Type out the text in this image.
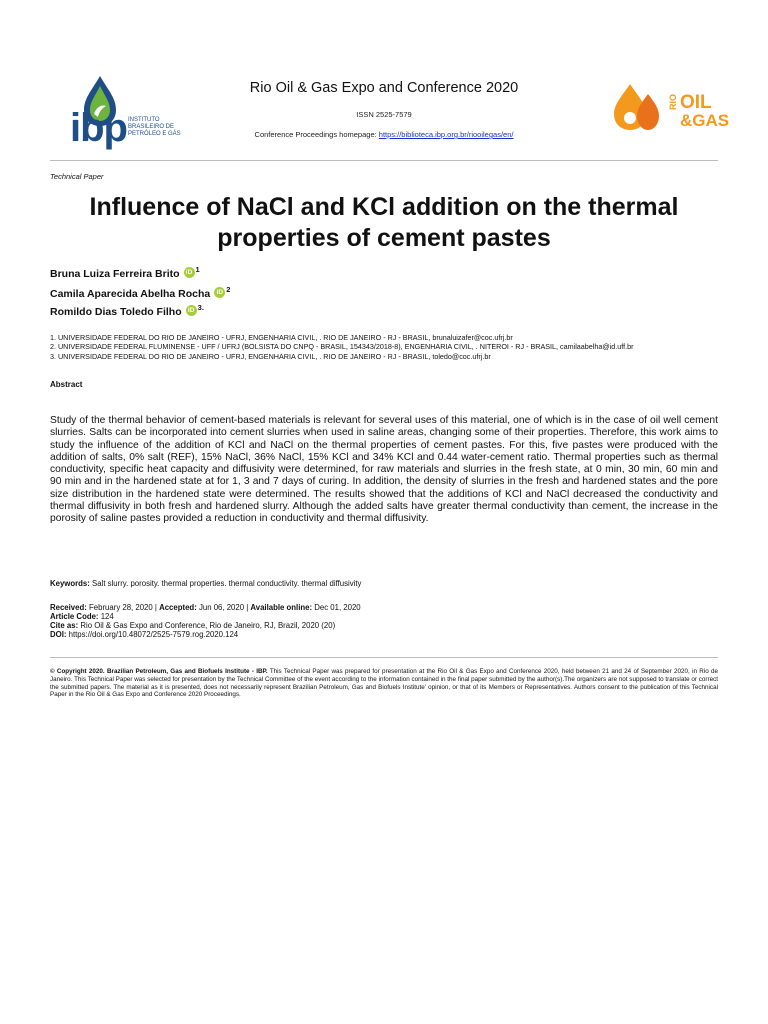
ibp INSTITUTO
BRASILEIRO DE
PETRÓLEO E GÁS
Rio Oil & Gas Expo and Conference 2020
ISSN 2525-7579
Conference Proceedings homepage: https://biblioteca.ibp.org.br/riooilegas/en/
RIO OIL
&GAS
Technical Paper
Influence of NaCl and KCl addition on the thermal properties of cement pastes
Bruna Luiza Ferreira Brito iD 1
Camila Aparecida Abelha Rocha iD 2
Romildo Dias Toledo Filho iD 3 .
1. UNIVERSIDADE FEDERAL DO RIO DE JANEIRO - UFRJ, ENGENHARIA CIVIL, . RIO DE JANEIRO - RJ - BRASIL, brunaluizafer@coc.ufrj.br
2. UNIVERSIDADE FEDERAL FLUMINENSE - UFF / UFRJ (BOLSISTA DO CNPQ - BRASIL, 154343/2018-8), ENGENHARIA CIVIL, . NITEROI - RJ - BRASIL, camilaabelha@id.uff.br
3. UNIVERSIDADE FEDERAL DO RIO DE JANEIRO - UFRJ, ENGENHARIA CIVIL, . RIO DE JANEIRO - RJ - BRASIL, toledo@coc.ufrj.br
Abstract
Study of the thermal behavior of cement-based materials is relevant for several uses of this material, one of which is in the case of oil well cement slurries. Salts can be incorporated into cement slurries when used in saline areas, changing some of their properties. Therefore, this work aims to study the influence of the addition of KCl and NaCl on the thermal properties of cement pastes. For this, five pastes were produced with the addition of salts, 0% salt (REF), 15% NaCl, 36% NaCl, 15% KCl and 34% KCl and 0.44 water-cement ratio. Thermal properties such as thermal conductivity, specific heat capacity and diffusivity were determined, for raw materials and slurries in the fresh state, at 0 min, 30 min, 60 min and 90 min and in the hardened state at for 1, 3 and 7 days of curing. In addition, the density of slurries in the fresh and hardened states and the pore size distribution in the hardened state were determined. The results showed that the additions of KCl and NaCl decreased the conductivity and thermal diffusivity in both fresh and hardened slurry. Although the added salts have greater thermal conductivity than cement, the increase in the porosity of saline pastes provided a reduction in conductivity and thermal diffusivity.
Keywords: Salt slurry. porosity. thermal properties. thermal conductivity. thermal diffusivity
Received: February 28, 2020 | Accepted: Jun 06, 2020 | Available online: Dec 01, 2020
Article Code: 124
Cite as: Rio Oil & Gas Expo and Conference, Rio de Janeiro, RJ, Brazil, 2020 (20)
DOI: https://doi.org/10.48072/2525-7579.rog.2020.124
© Copyright 2020. Brazilian Petroleum, Gas and Biofuels Institute - IBP. This Technical Paper was prepared for presentation at the Rio Oil & Gas Expo and Conference 2020, held between 21 and 24 of September 2020, in Rio de Janeiro. This Technical Paper was selected for presentation by the Technical Committee of the event according to the information contained in the final paper submitted by the author(s).The organizers are not supposed to translate or correct the submitted papers. The material as it is presented, does not necessarily represent Brazilian Petroleum, Gas and Biofuels Institute' opinion, or that of its Members or Representatives. Authors consent to the publication of this Technical Paper in the Rio Oil & Gas Expo and Conference 2020 Proceedings.
